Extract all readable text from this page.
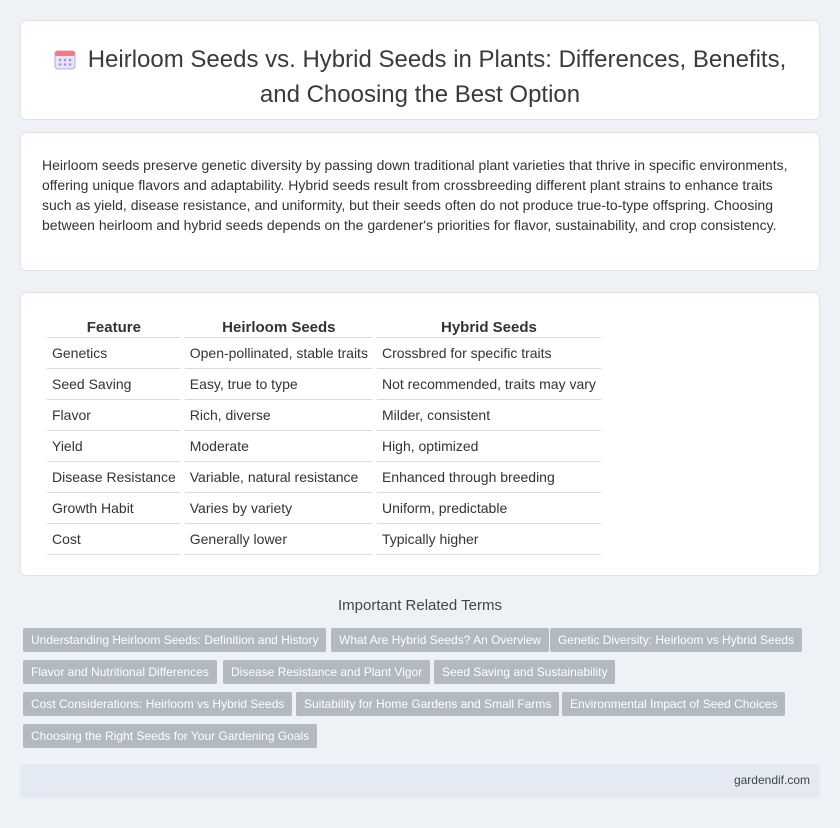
Heirloom Seeds vs. Hybrid Seeds in Plants: Differences, Benefits,
and Choosing the Best Option
Heirloom seeds preserve genetic diversity by passing down traditional plant varieties that thrive in specific environments, offering unique flavors and adaptability. Hybrid seeds result from crossbreeding different plant strains to enhance traits such as yield, disease resistance, and uniformity, but their seeds often do not produce true-to-type offspring. Choosing between heirloom and hybrid seeds depends on the gardener's priorities for flavor, sustainability, and crop consistency.
Feature	Heirloom Seeds	Hybrid Seeds
Genetics	Open-pollinated, stable traits	Crossbred for specific traits
Seed Saving	Easy, true to type	Not recommended, traits may vary
Flavor	Rich, diverse	Milder, consistent
Yield	Moderate	High, optimized
Disease Resistance	Variable, natural resistance	Enhanced through breeding
Growth Habit	Varies by variety	Uniform, predictable
Cost	Generally lower	Typically higher
Important Related Terms
Understanding Heirloom Seeds: Definition and History	What Are Hybrid Seeds? An Overview	Genetic Diversity: Heirloom vs Hybrid Seeds
Flavor and Nutritional Differences	Disease Resistance and Plant Vigor	Seed Saving and Sustainability
Cost Considerations: Heirloom vs Hybrid Seeds	Suitability for Home Gardens and Small Farms	Environmental Impact of Seed Choices
Choosing the Right Seeds for Your Gardening Goals
gardendif.com
